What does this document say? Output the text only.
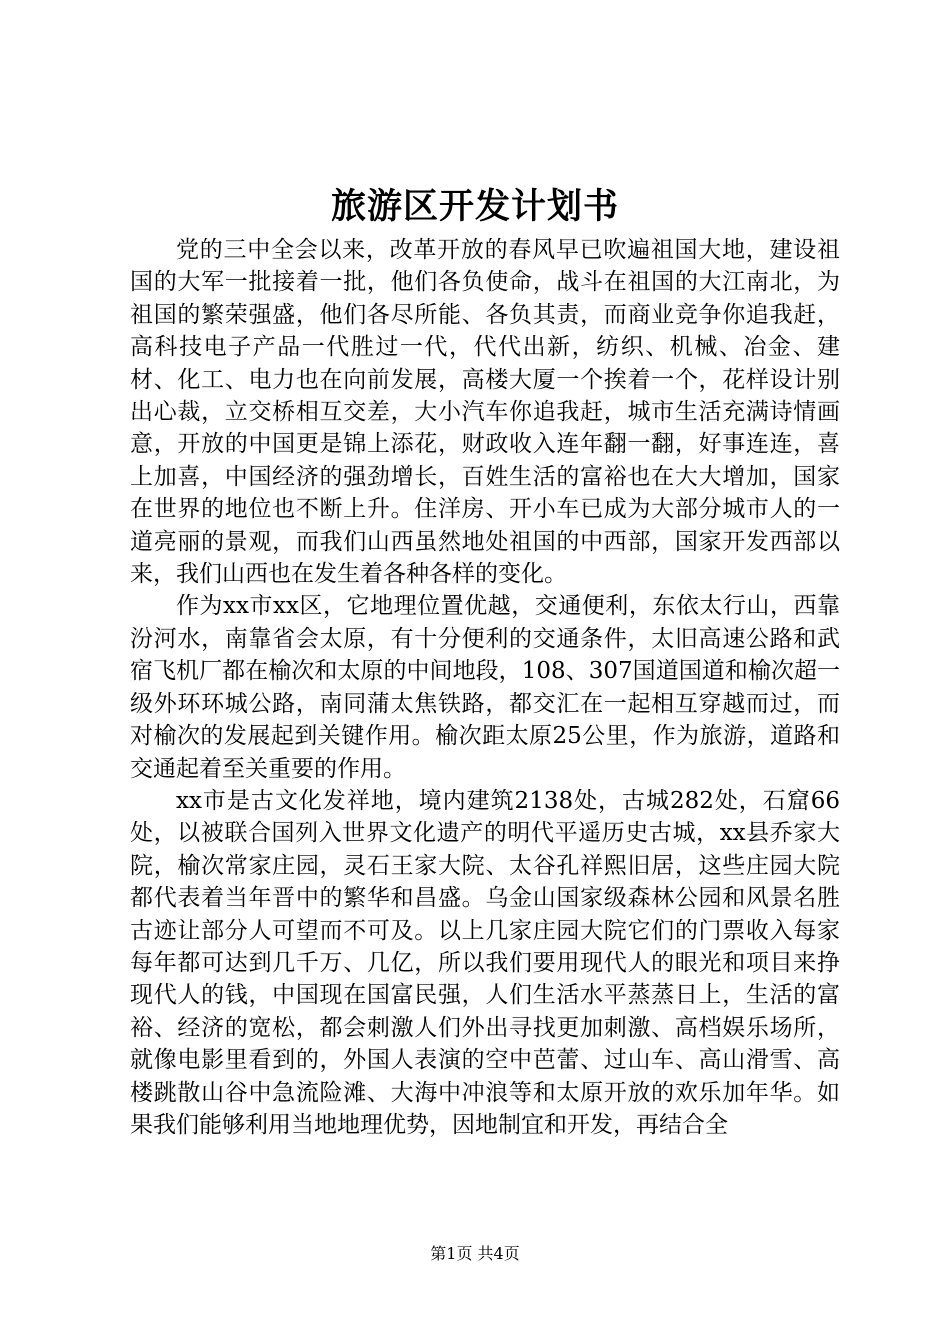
旅游区开发计划书

党的三中全会以来，改革开放的春风早已吹遍祖国大地，建设祖国的大军一批接着一批，他们各负使命，战斗在祖国的大江南北，为祖国的繁荣强盛，他们各尽所能、各负其责，而商业竞争你追我赶，高科技电子产品一代胜过一代，代代出新，纺织、机械、冶金、建材、化工、电力也在向前发展，高楼大厦一个挨着一个，花样设计别出心裁，立交桥相互交差，大小汽车你追我赶，城市生活充满诗情画意，开放的中国更是锦上添花，财政收入连年翻一翻，好事连连，喜上加喜，中国经济的强劲增长，百姓生活的富裕也在大大增加，国家在世界的地位也不断上升。住洋房、开小车已成为大部分城市人的一道亮丽的景观，而我们山西虽然地处祖国的中西部，国家开发西部以来，我们山西也在发生着各种各样的变化。

作为xx市xx区，它地理位置优越，交通便利，东依太行山，西靠汾河水，南靠省会太原，有十分便利的交通条件，太旧高速公路和武宿飞机厂都在榆次和太原的中间地段，108、307国道国道和榆次超一级外环环城公路，南同蒲太焦铁路，都交汇在一起相互穿越而过，而对榆次的发展起到关键作用。榆次距太原25公里，作为旅游，道路和交通起着至关重要的作用。

xx市是古文化发祥地，境内建筑2138处，古城282处，石窟66处，以被联合国列入世界文化遗产的明代平遥历史古城，xx县乔家大院，榆次常家庄园，灵石王家大院、太谷孔祥熙旧居，这些庄园大院都代表着当年晋中的繁华和昌盛。乌金山国家级森林公园和风景名胜古迹让部分人可望而不可及。以上几家庄园大院它们的门票收入每家每年都可达到几千万、几亿，所以我们要用现代人的眼光和项目来挣现代人的钱，中国现在国富民强，人们生活水平蒸蒸日上，生活的富裕、经济的宽松，都会刺激人们外出寻找更加刺激、高档娱乐场所，就像电影里看到的，外国人表演的空中芭蕾、过山车、高山滑雪、高楼跳散山谷中急流险滩、大海中冲浪等和太原开放的欢乐加年华。如果我们能够利用当地地理优势，因地制宜和开发，再结合全

第1页 共4页
